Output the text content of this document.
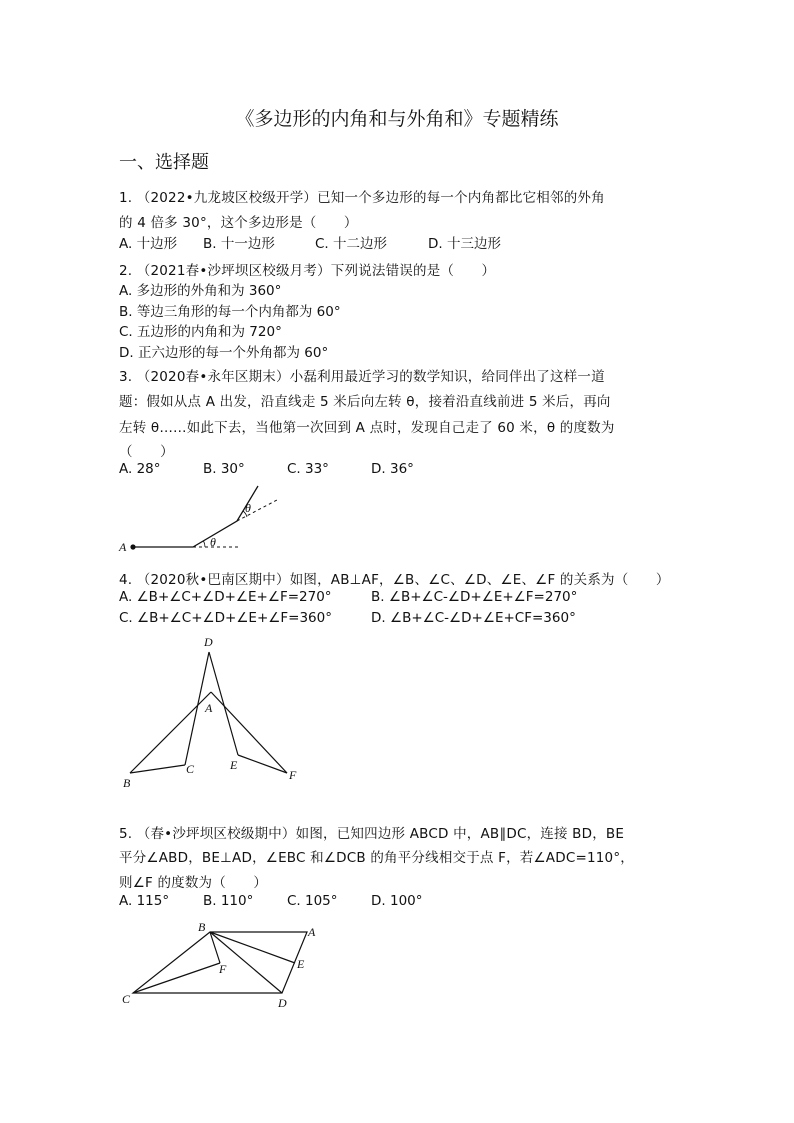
《多边形的内角和与外角和》专题精练
一、选择题
1. （2022•九龙坡区校级开学）已知一个多边形的每一个内角都比它相邻的外角
的 4 倍多 30°，这个多边形是（　　）
A. 十边形 B. 十一边形	C. 十二边形	D. 十三边形
2. （2021春•沙坪坝区校级月考）下列说法错误的是（　　）
A. 多边形的外角和为 360°
B. 等边三角形的每一个内角都为 60°
C. 五边形的内角和为 720°
D. 正六边形的每一个外角都为 60°
3. （2020春•永年区期末）小磊利用最近学习的数学知识，给同伴出了这样一道
题：假如从点 A 出发，沿直线走 5 米后向左转 θ，接着沿直线前进 5 米后，再向
左转 θ……如此下去，当他第一次回到 A 点时，发现自己走了 60 米，θ 的度数为
（　　）
A. 28°	B. 30°	C. 33°	D. 36°
A	θ
θ
4. （2020秋•巴南区期中）如图，AB⊥AF，∠B、∠C、∠D、∠E、∠F 的关系为（　　）
A. ∠B+∠C+∠D+∠E+∠F=270°	B. ∠B+∠C-∠D+∠E+∠F=270°
C. ∠B+∠C+∠D+∠E+∠F=360°	D. ∠B+∠C-∠D+∠E+CF=360°
D
A
B
C	E
F
5. （春•沙坪坝区校级期中）如图，已知四边形 ABCD 中，AB∥DC，连接 BD，BE
平分∠ABD，BE⊥AD，∠EBC 和∠DCB 的角平分线相交于点 F，若∠ADC=110°，
则∠F 的度数为（　　）
A. 115°	B. 110° C. 105° D. 100°
B	A
F	E
C	D
